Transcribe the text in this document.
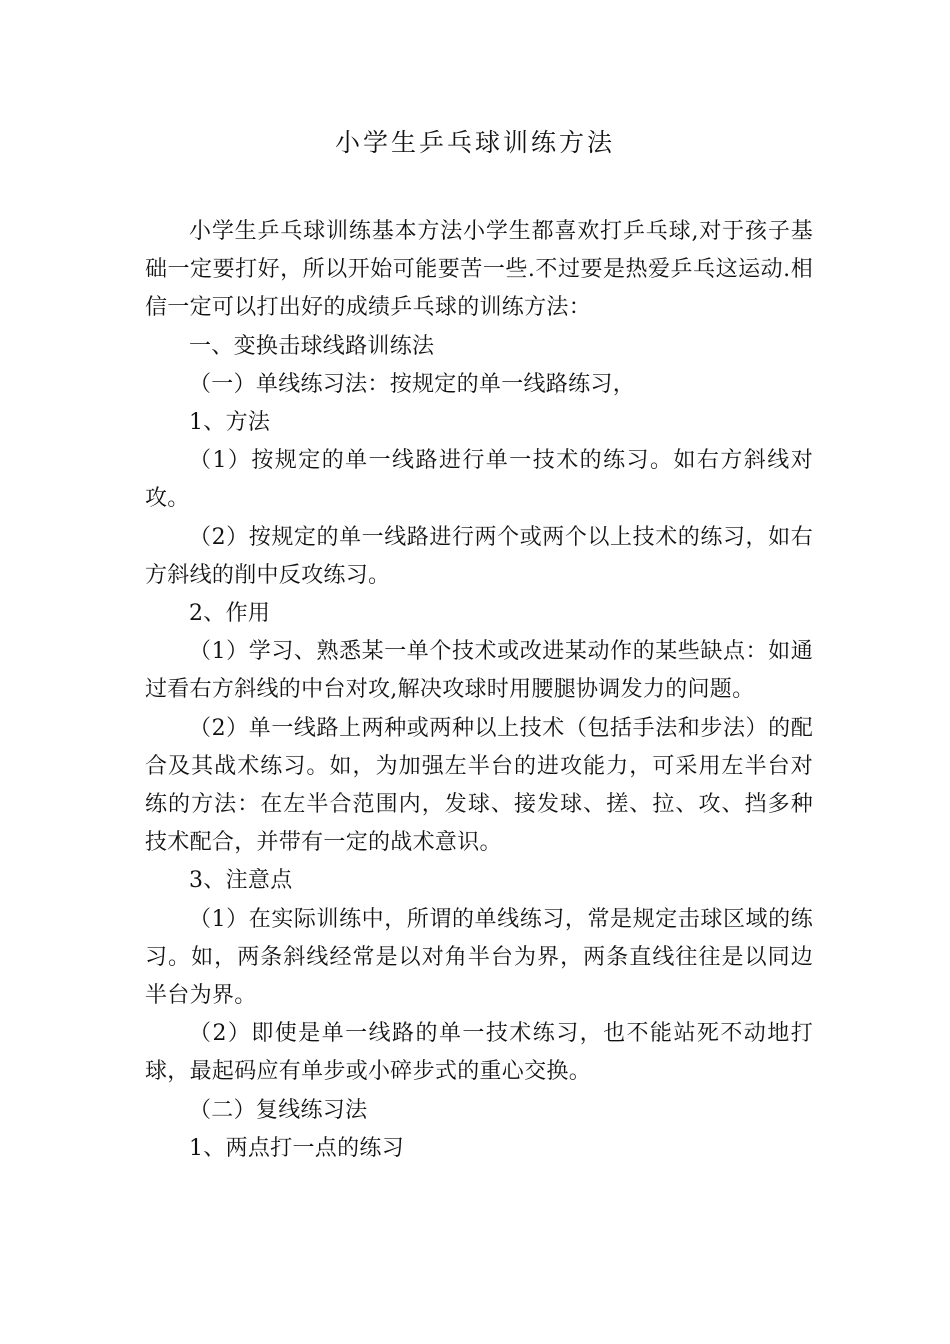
小学生乒乓球训练方法

小学生乒乓球训练基本方法小学生都喜欢打乒乓球,对于孩子基础一定要打好，所以开始可能要苦一些.不过要是热爱乒乓这运动.相信一定可以打出好的成绩乒乓球的训练方法：

一、变换击球线路训练法

（一）单线练习法：按规定的单一线路练习，

1、方法

（1）按规定的单一线路进行单一技术的练习。如右方斜线对攻。

（2）按规定的单一线路进行两个或两个以上技术的练习，如右方斜线的削中反攻练习。

2、作用

（1）学习、熟悉某一单个技术或改进某动作的某些缺点：如通过看右方斜线的中台对攻,解决攻球时用腰腿协调发力的问题。

（2）单一线路上两种或两种以上技术（包括手法和步法）的配合及其战术练习。如，为加强左半台的进攻能力，可采用左半台对练的方法：在左半合范围内，发球、接发球、搓、拉、攻、挡多种技术配合，并带有一定的战术意识。

3、注意点

（1）在实际训练中，所谓的单线练习，常是规定击球区域的练习。如，两条斜线经常是以对角半台为界，两条直线往往是以同边半台为界。

（2）即使是单一线路的单一技术练习，也不能站死不动地打球，最起码应有单步或小碎步式的重心交换。

（二）复线练习法

1、两点打一点的练习
